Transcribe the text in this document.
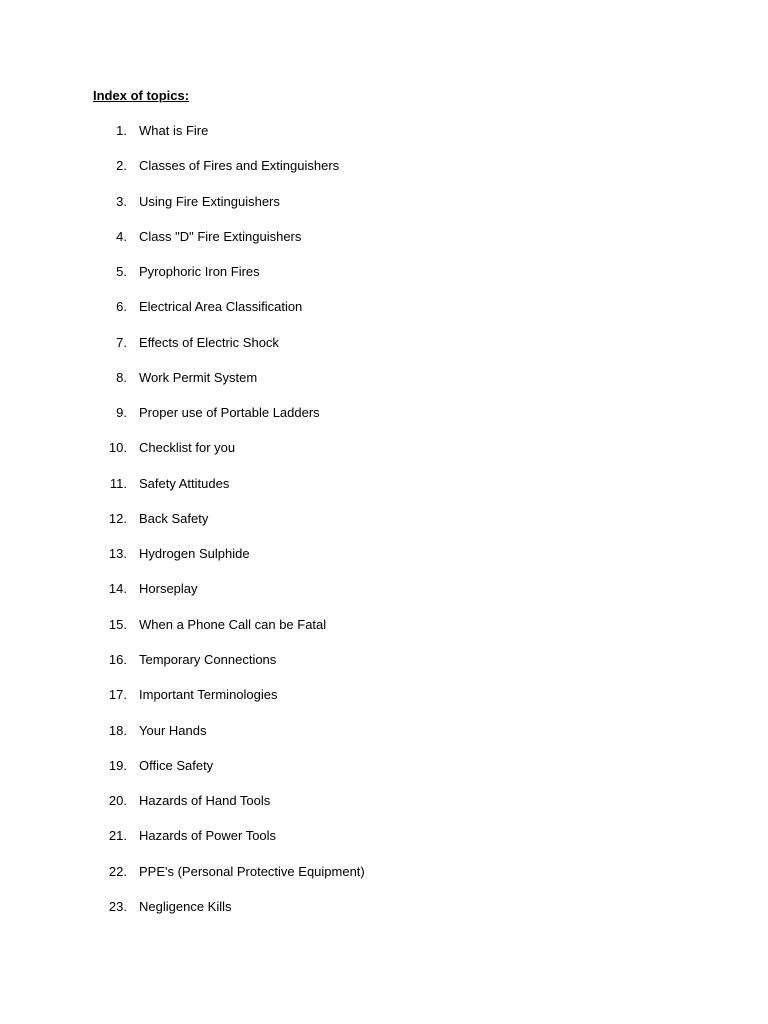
Index of topics:
1. What is Fire
2. Classes of Fires and Extinguishers
3. Using Fire Extinguishers
4. Class "D" Fire Extinguishers
5. Pyrophoric Iron Fires
6. Electrical Area Classification
7. Effects of Electric Shock
8. Work Permit System
9. Proper use of Portable Ladders
10. Checklist for you
11. Safety Attitudes
12. Back Safety
13. Hydrogen Sulphide
14. Horseplay
15. When a Phone Call can be Fatal
16. Temporary Connections
17. Important Terminologies
18. Your Hands
19. Office Safety
20. Hazards of Hand Tools
21. Hazards of Power Tools
22. PPE's (Personal Protective Equipment)
23. Negligence Kills
